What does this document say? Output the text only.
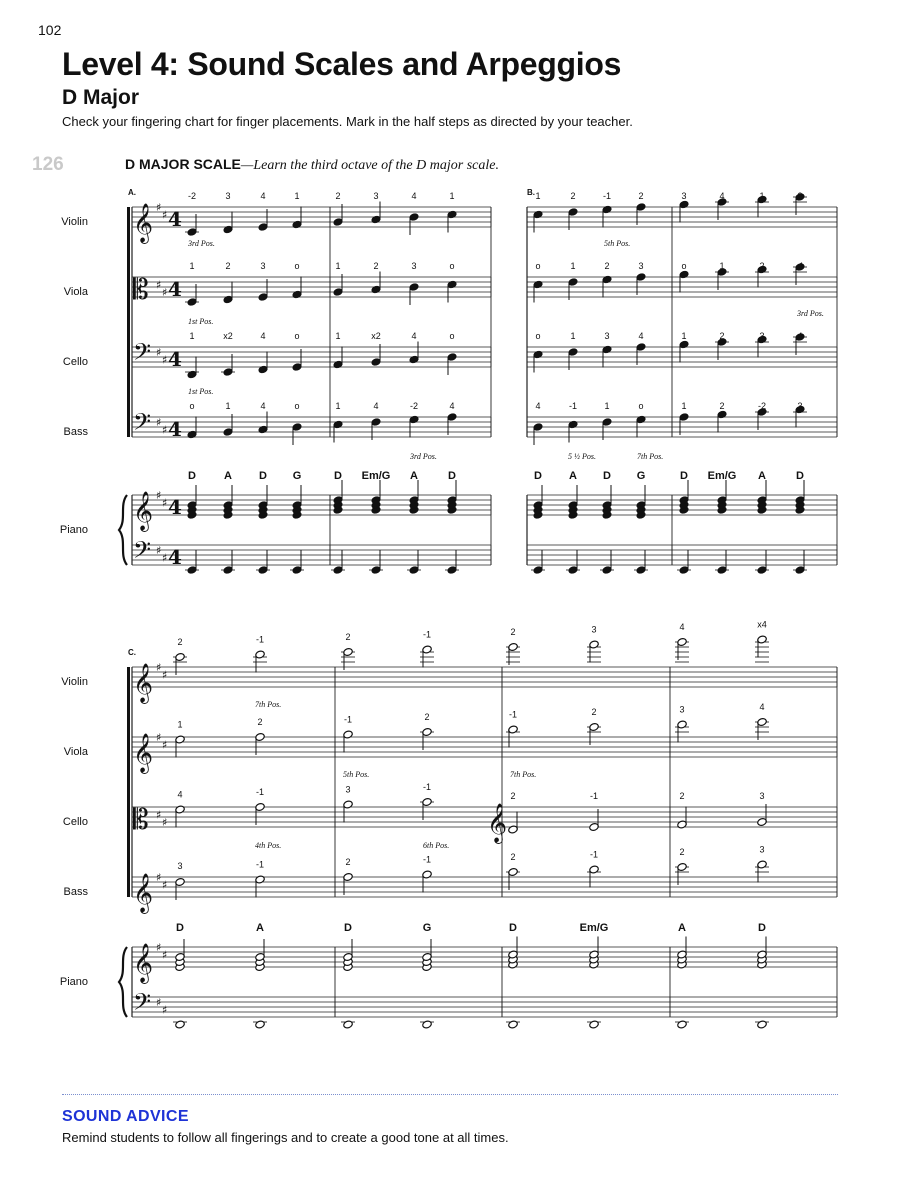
102
Level 4: Sound Scales and Arpeggios
D Major
Check your fingering chart for finger placements. Mark in the half steps as directed by your teacher.
126	D MAJOR SCALE—Learn the third octave of the D major scale.
Violin
Viola
Cello
Bass
Piano
A.
𝄞 ♯
♯ 4
-2	3	4	1	2	3	4	1
𝄡 ♯
♯ 4
1	2	3	o	1	2	3	o
𝄢 ♯
♯ 4
1	x2	4	o	1	x2	4	o
𝄢 ♯
♯ 4
o	1	4	o	1	4	-2	4
𝄞 ♯
♯ 4
𝄢 ♯
♯ 4
D	A D G	D Em/G A	D
B. 1	2	-1	2	3	4	1	2
o	1	2	3	o	1	2	-1
o	1	3	4	1	2	3	4
4	-1	1	o	1	2	-2	3
D A D G	D Em/G A	D
3rd Pos.
1st Pos.
1st Pos.
3rd Pos.
5th Pos.
3rd Pos.
5 ½ Pos.	7th Pos.
Violin
Viola
Cello
Bass
Piano
C.
𝄞 ♯
♯
2	-1	2	-1	2	3	4	x4
𝄞 ♯
♯
1	2	-1	2	-1	2	3	4
𝄡 ♯
♯
4	-1	3	-1
2	-1	2	3
𝄞 ♯
♯
3	-1	2	-1	2	-1	2	3
𝄞
𝄞 ♯
♯
𝄢 ♯
♯
D	A	D	G	D	Em/G	A	D
7th Pos.
5th Pos.	7th Pos.
4th Pos.	6th Pos.
SOUND ADVICE
Remind students to follow all fingerings and to create a good tone at all times.
